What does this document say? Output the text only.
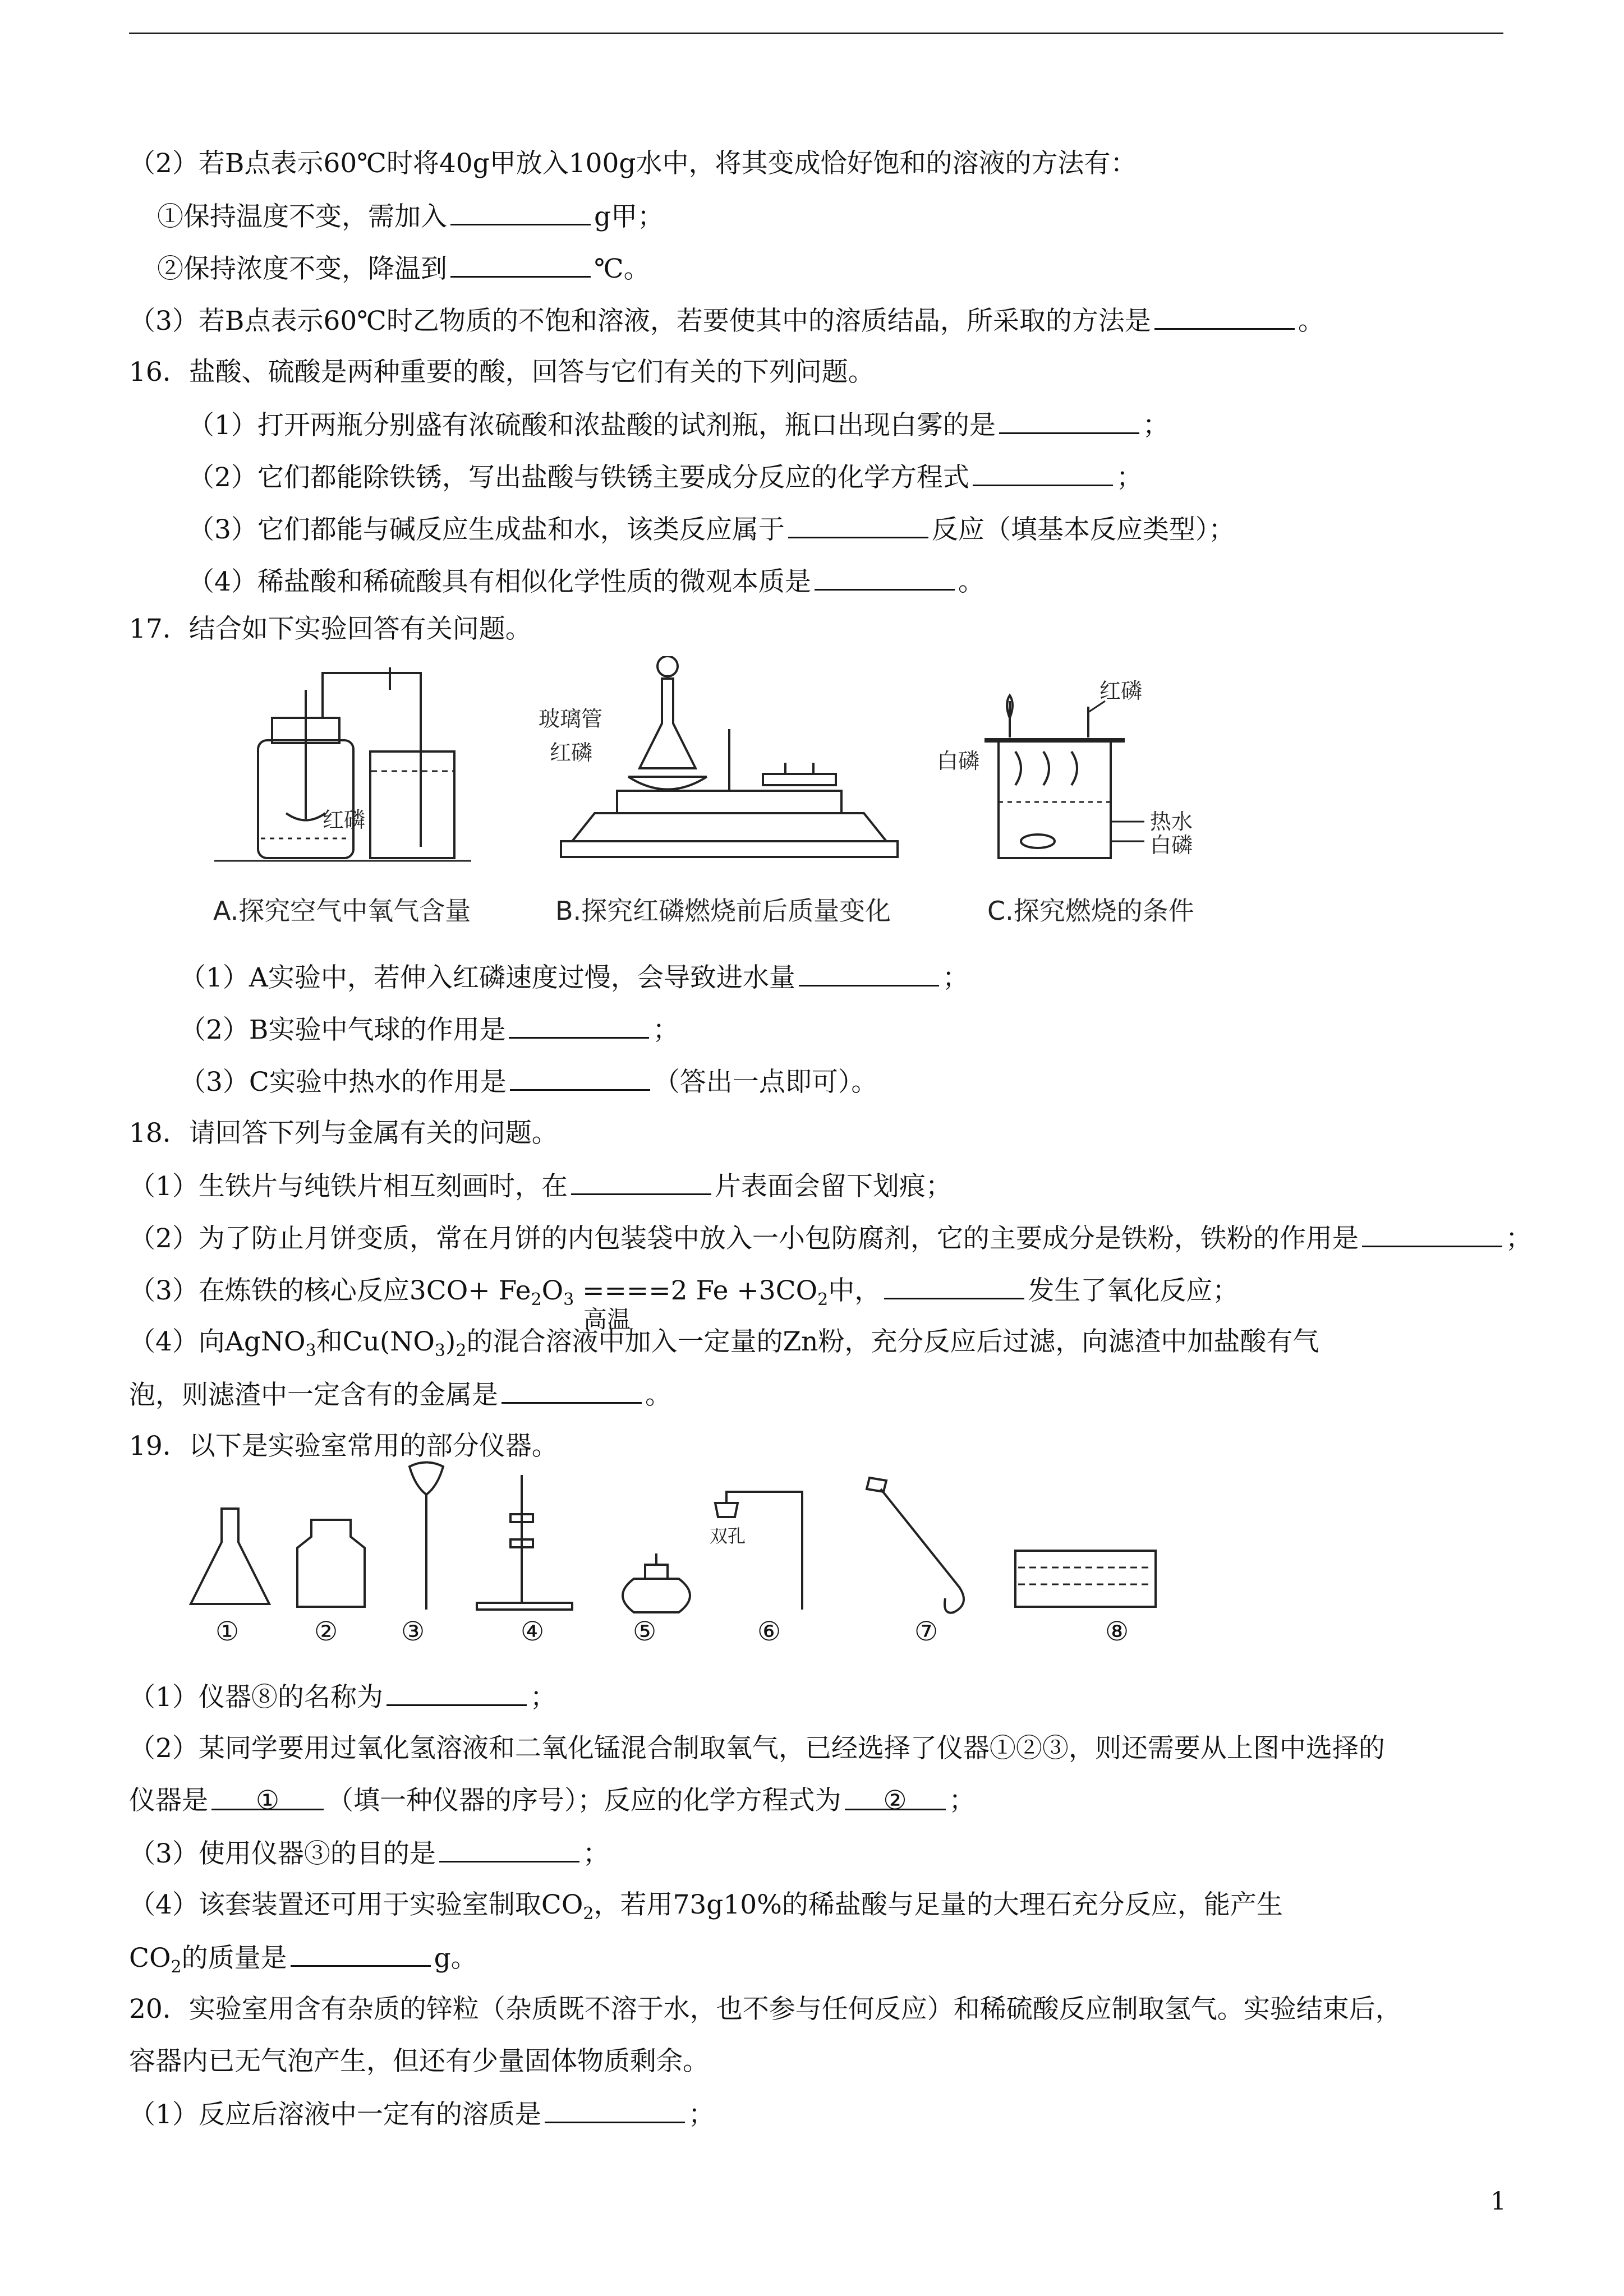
（2）若B点表示60℃时将40g甲放入100g水中，将其变成恰好饱和的溶液的方法有：
①保持温度不变，需加入	g甲；
②保持浓度不变，降温到	℃。
（3）若B点表示60℃时乙物质的不饱和溶液，若要使其中的溶质结晶，所采取的方法是	。
16．盐酸、硫酸是两种重要的酸，回答与它们有关的下列问题。
（1）打开两瓶分别盛有浓硫酸和浓盐酸的试剂瓶，瓶口出现白雾的是	；
（2）它们都能除铁锈，写出盐酸与铁锈主要成分反应的化学方程式	；
（3）它们都能与碱反应生成盐和水，该类反应属于	反应（填基本反应类型）；
（4）稀盐酸和稀硫酸具有相似化学性质的微观本质是	。
17．结合如下实验回答有关问题。
红磷
玻璃管
红磷
红磷
白磷
热水
白磷
A.探究空气中氧气含量	B.探究红磷燃烧前后质量变化	C.探究燃烧的条件
（1）A实验中，若伸入红磷速度过慢，会导致进水量	；
（2）B实验中气球的作用是	；
（3）C实验中热水的作用是	（答出一点即可）。
18．请回答下列与金属有关的问题。
（1）生铁片与纯铁片相互刻画时，在	片表面会留下划痕；
（2）为了防止月饼变质，常在月饼的内包装袋中放入一小包防腐剂，它的主要成分是铁粉，铁粉的作用是	；
（3）在炼铁的核心反应$3CO+ Fe_2O_3 ====2$ $Fe +3CO_2$中，	发生了氧化反应；
高温
（4）向AgNO$_3$和$Cu(NO_3)_2$的混合溶液中加入一定量的Zn粉，充分反应后过滤，向滤渣中加盐酸有气
泡，则滤渣中一定含有的金属是	。
19．以下是实验室常用的部分仪器。
双孔
①	② ③	④	⑤	⑥	⑦	⑧
（1）仪器⑧的名称为	；
（2）某同学要用过氧化氢溶液和二氧化锰混合制取氧气，已经选择了仪器①②③，则还需要从上图中选择的
仪器是 ① （填一种仪器的序号）；反应的化学方程式为 ② ；
（3）使用仪器③的目的是	；
（4）该套装置还可用于实验室制取$CO_2$，若用73g10%的稀盐酸与足量的大理石充分反应，能产生
$CO_2$的质量是	g。
20．实验室用含有杂质的锌粒（杂质既不溶于水，也不参与任何反应）和稀硫酸反应制取氢气。实验结束后，
容器内已无气泡产生，但还有少量固体物质剩余。
（1）反应后溶液中一定有的溶质是	；
1
